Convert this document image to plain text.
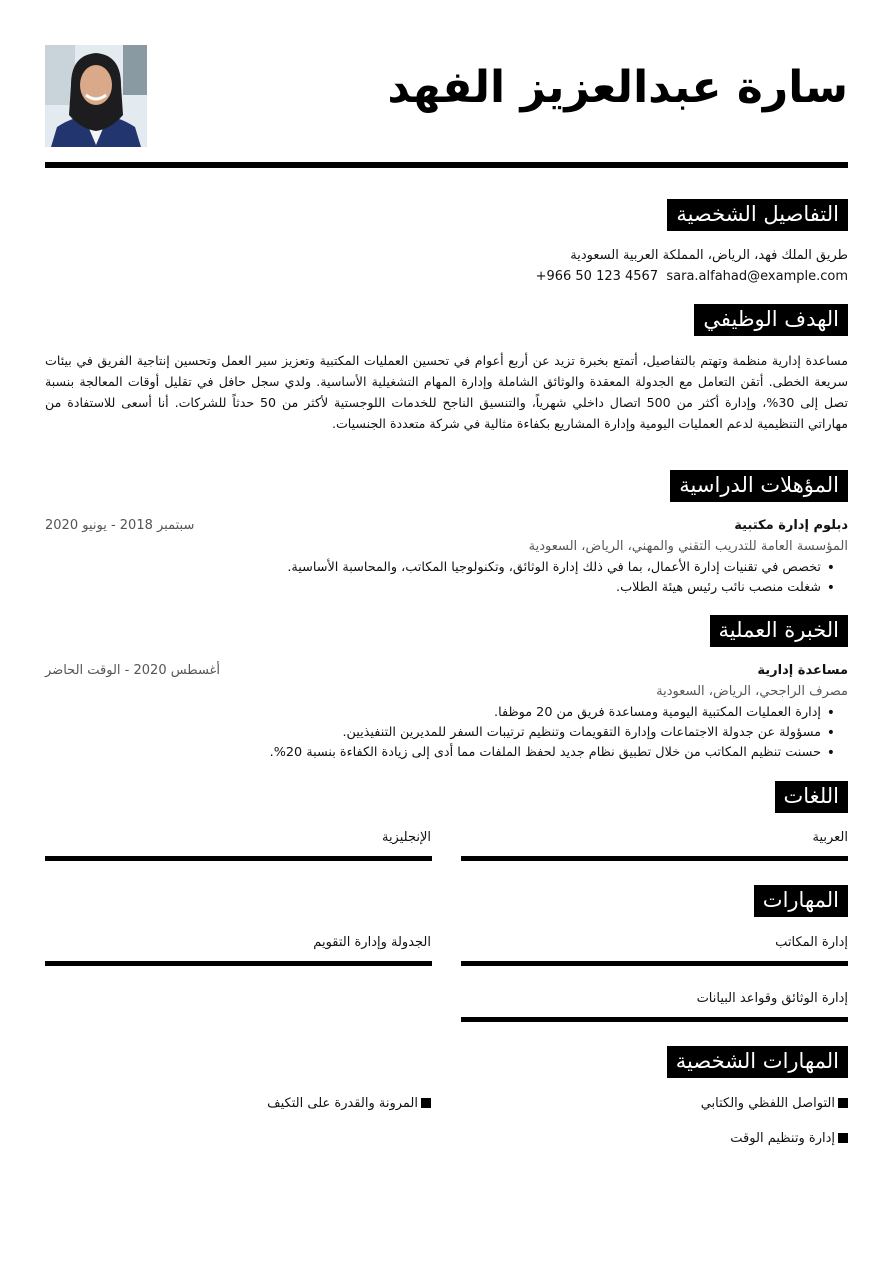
سارة عبدالعزيز الفهد
التفاصيل الشخصية
طريق الملك فهد، الرياض، المملكة العربية السعودية
+966 50 123 4567 sara.alfahad@example.com
الهدف الوظيفي
مساعدة إدارية منظمة وتهتم بالتفاصيل، أتمتع بخبرة تزيد عن أربع أعوام في تحسين العمليات المكتبية وتعزيز سير العمل وتحسين إنتاجية الفريق في بيئات سريعة الخطى. أتقن التعامل مع الجدولة المعقدة والوثائق الشاملة وإدارة المهام التشغيلية الأساسية. ولدي سجل حافل في تقليل أوقات المعالجة بنسبة تصل إلى 30%، وإدارة أكثر من 500 اتصال داخلي شهرياً، والتنسيق الناجح للخدمات اللوجستية لأكثر من 50 حدثاً للشركات. أنا أسعى للاستفادة من مهاراتي التنظيمية لدعم العمليات اليومية وإدارة المشاريع بكفاءة مثالية في شركة متعددة الجنسيات.
المؤهلات الدراسية
دبلوم إدارة مكتبية
سبتمبر 2018 - يونيو 2020
المؤسسة العامة للتدريب التقني والمهني، الرياض، السعودية
• تخصص في تقنيات إدارة الأعمال، بما في ذلك إدارة الوثائق، وتكنولوجيا المكاتب، والمحاسبة الأساسية.
• شغلت منصب نائب رئيس هيئة الطلاب.
الخبرة العملية
مساعدة إدارية
أغسطس 2020 - الوقت الحاضر
مصرف الراجحي، الرياض، السعودية
• إدارة العمليات المكتبية اليومية ومساعدة فريق من 20 موظفا.
• مسؤولة عن جدولة الاجتماعات وإدارة التقويمات وتنظيم ترتيبات السفر للمديرين التنفيذيين.
• حسنت تنظيم المكاتب من خلال تطبيق نظام جديد لحفظ الملفات مما أدى إلى زيادة الكفاءة بنسبة 20%.
اللغات
العربية
الإنجليزية
المهارات
إدارة المكاتب
الجدولة وإدارة التقويم
إدارة الوثائق وقواعد البيانات
المهارات الشخصية
التواصل اللفظي والكتابي
المرونة والقدرة على التكيف
إدارة وتنظيم الوقت
